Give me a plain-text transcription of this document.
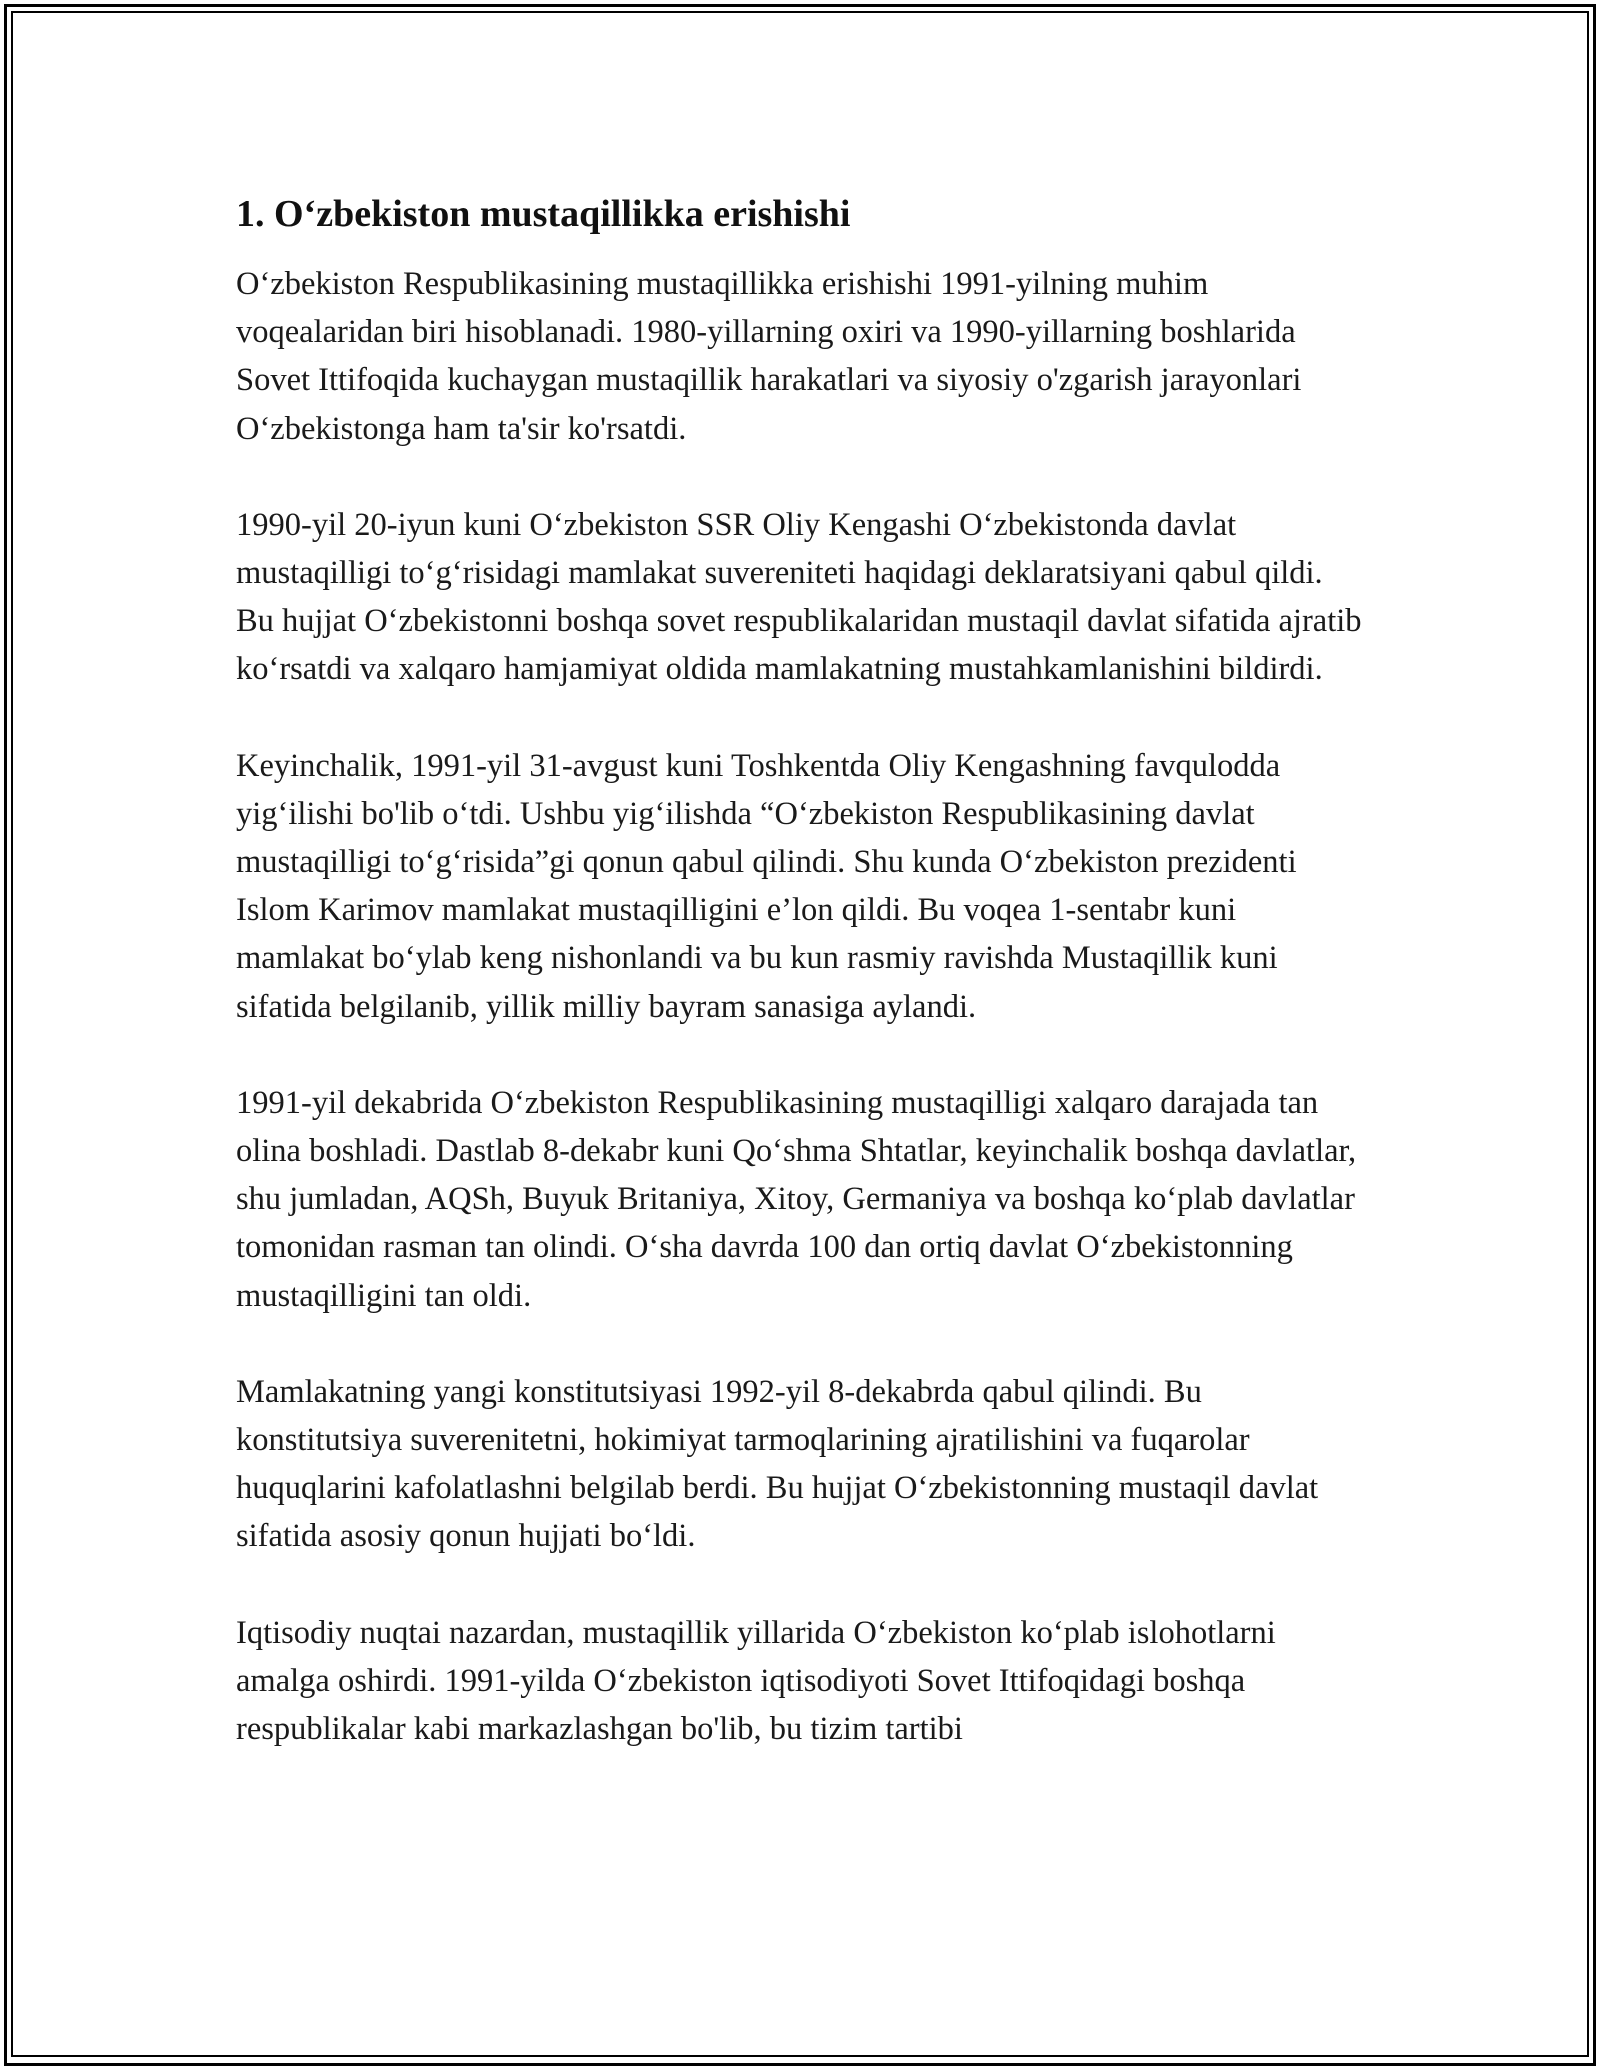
1. O‘zbekiston mustaqillikka erishishi

O‘zbekiston Respublikasining mustaqillikka erishishi 1991-yilning muhim voqealaridan biri hisoblanadi. 1980-yillarning oxiri va 1990-yillarning boshlarida Sovet Ittifoqida kuchaygan mustaqillik harakatlari va siyosiy o'zgarish jarayonlari O‘zbekistonga ham ta'sir ko'rsatdi.

1990-yil 20-iyun kuni O‘zbekiston SSR Oliy Kengashi O‘zbekistonda davlat mustaqilligi to‘g‘risidagi mamlakat suvereniteti haqidagi deklaratsiyani qabul qildi. Bu hujjat O‘zbekistonni boshqa sovet respublikalaridan mustaqil davlat sifatida ajratib ko‘rsatdi va xalqaro hamjamiyat oldida mamlakatning mustahkamlanishini bildirdi.

Keyinchalik, 1991-yil 31-avgust kuni Toshkentda Oliy Kengashning favqulodda yig‘ilishi bo'lib o‘tdi. Ushbu yig‘ilishda “O‘zbekiston Respublikasining davlat mustaqilligi to‘g‘risida”gi qonun qabul qilindi. Shu kunda O‘zbekiston prezidenti Islom Karimov mamlakat mustaqilligini e’lon qildi. Bu voqea 1-sentabr kuni mamlakat bo‘ylab keng nishonlandi va bu kun rasmiy ravishda Mustaqillik kuni sifatida belgilanib, yillik milliy bayram sanasiga aylandi.

1991-yil dekabrida O‘zbekiston Respublikasining mustaqilligi xalqaro darajada tan olina boshladi. Dastlab 8-dekabr kuni Qo‘shma Shtatlar, keyinchalik boshqa davlatlar, shu jumladan, AQSh, Buyuk Britaniya, Xitoy, Germaniya va boshqa ko‘plab davlatlar tomonidan rasman tan olindi. O‘sha davrda 100 dan ortiq davlat O‘zbekistonning mustaqilligini tan oldi.

Mamlakatning yangi konstitutsiyasi 1992-yil 8-dekabrda qabul qilindi. Bu konstitutsiya suverenitetni, hokimiyat tarmoqlarining ajratilishini va fuqarolar huquqlarini kafolatlashni belgilab berdi. Bu hujjat O‘zbekistonning mustaqil davlat sifatida asosiy qonun hujjati bo‘ldi.

Iqtisodiy nuqtai nazardan, mustaqillik yillarida O‘zbekiston ko‘plab islohotlarni amalga oshirdi. 1991-yilda O‘zbekiston iqtisodiyoti Sovet Ittifoqidagi boshqa respublikalar kabi markazlashgan bo'lib, bu tizim tartibi
